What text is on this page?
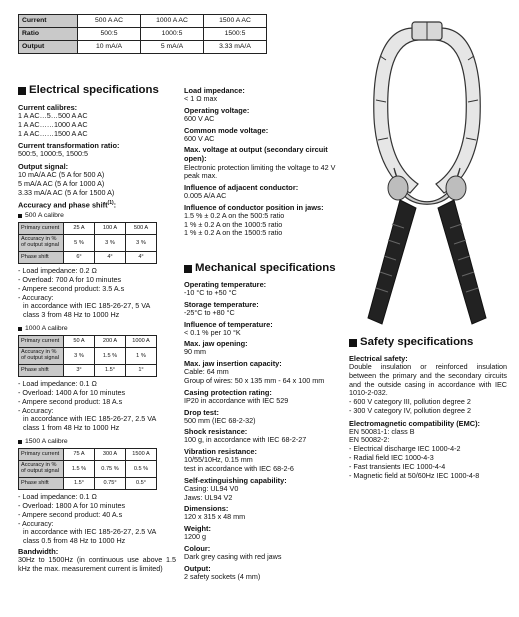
Current	500 A AC	1000 A AC	1500 A AC
Ratio	500:5	1000:5	1500:5
Output	10 mA/A	5 mA/A	3.33 mA/A
Electrical specifications
Current calibres:
1 A AC…5…500 A AC
1 A AC……1000 A AC
1 A AC……1500 A AC
Current transformation ratio:
500:5, 1000:5, 1500:5
Output signal:
10 mA/A AC (5 A for 500 A)
5 mA/A AC (5 A for 1000 A)
3.33 mA/A AC (5 A for 1500 A)
Accuracy and phase shift$^{(1)}$:
500 A calibre
Primary current	25 A	100 A	500 A
Accuracy in % of output signal	5 %	3 %	3 %
Phase shift	6°	4°	4°
- Load impedance: 0.2 Ω
- Overload: 700 A for 10 minutes
- Ampere second product: 3.5 A.s
- Accuracy:
in accordance with IEC 185-26-27, 5 VA
class 3 from 48 Hz to 1000 Hz
1000 A calibre
Primary current	50 A	200 A	1000 A
Accuracy in % of output signal	3 %	1.5 %	1 %
Phase shift	3°	1.5°	1°
- Load impedance: 0.1 Ω
- Overload: 1400 A for 10 minutes
- Ampere second product: 18 A.s
- Accuracy:
in accordance with IEC 185-26-27, 2.5 VA
class 1 from 48 Hz to 1000 Hz
1500 A calibre
Primary current	75 A	300 A	1500 A
Accuracy in % of output signal	1.5 %	0.75 %	0.5 %
Phase shift	1.5°	0.75°	0.5°
- Load impedance: 0.1 Ω
- Overload: 1800 A for 10 minutes
- Ampere second product: 40 A.s
- Accuracy:
in accordance with IEC 185-26-27, 2.5 VA
class 0.5 from 48 Hz to 1000 Hz
Bandwidth:
30Hz to 1500Hz (in continuous use above 1.5 kHz the max. measurement current is limited)
Load impedance:
< 1 Ω max
Operating voltage:
600 V AC
Common mode voltage:
600 V AC
Max. voltage at output (secondary circuit open):
Electronic protection limiting the voltage to 42 V peak max.
Influence of adjacent conductor:
0.005 A/A AC
Influence of conductor position in jaws:
1.5 % ± 0.2 A on the 500:5 ratio
1 % ± 0.2 A on the 1000:5 ratio
1 % ± 0.2 A on the 1500:5 ratio
Mechanical specifications
Operating temperature:
-10 °C to +50 °C
Storage temperature:
-25°C to +80 °C
Influence of temperature:
< 0.1 % per 10 °K
Max. jaw opening:
90 mm
Max. jaw insertion capacity:
Cable: 64 mm
Group of wires: 50 x 135 mm - 64 x 100 mm
Casing protection rating:
IP20 in accordance with IEC 529
Drop test:
500 mm (IEC 68-2-32)
Shock resistance:
100 g, in accordance with IEC 68-2-27
Vibration resistance:
10/55/10Hz, 0.15 mm
test in accordance with IEC 68-2-6
Self-extinguishing capability:
Casing: UL94 V0
Jaws: UL94 V2
Dimensions:
120 x 315 x 48 mm
Weight:
1200 g
Colour:
Dark grey casing with red jaws
Output:
2 safety sockets (4 mm)
Safety specifications
Electrical safety:
Double insulation or reinforced insulation between the primary and the secondary circuits and the outside casing in accordance with IEC 1010-2-032.
- 600 V category III, pollution degree 2
- 300 V category IV, pollution degree 2
Electromagnetic compatibility (EMC):
EN 50081-1: class B
EN 50082-2:
- Electrical discharge IEC 1000-4-2
- Radial field IEC 1000-4-3
- Fast transients IEC 1000-4-4
- Magnetic field at 50/60Hz IEC 1000-4-8
